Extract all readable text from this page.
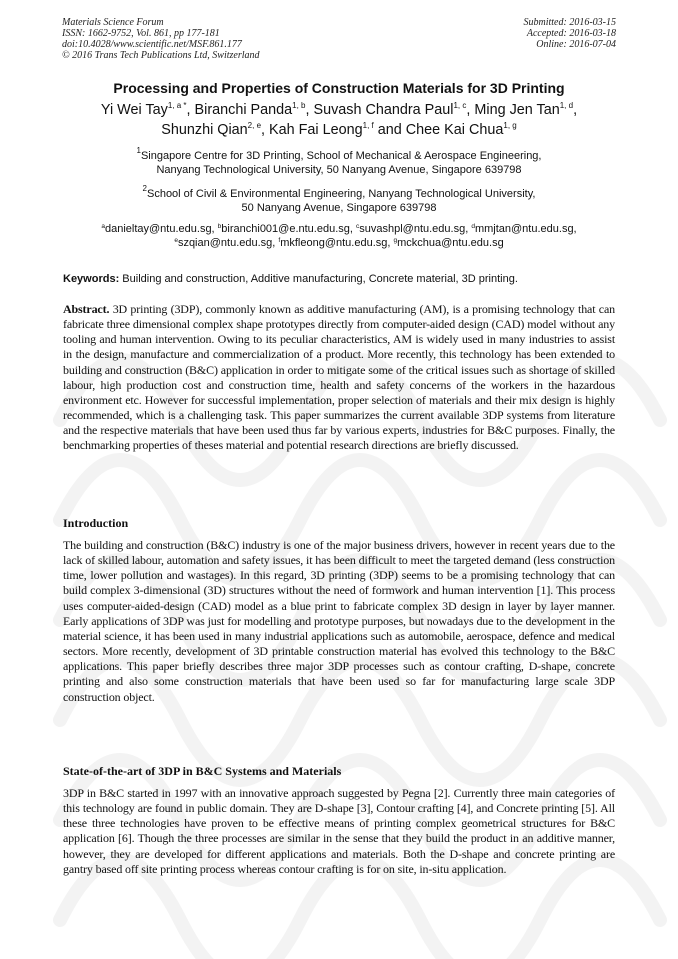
Materials Science Forum
ISSN: 1662-9752, Vol. 861, pp 177-181
doi:10.4028/www.scientific.net/MSF.861.177
© 2016 Trans Tech Publications Ltd, Switzerland
Submitted: 2016-03-15
Accepted: 2016-03-18
Online: 2016-07-04
Processing and Properties of Construction Materials for 3D Printing
Yi Wei Tay$^{1, a *}$, Biranchi Panda$^{1, b}$, Suvash Chandra Paul$^{1, c}$, Ming Jen Tan$^{1, d}$,
Shunzhi Qian$^{2, e}$, Kah Fai Leong$^{1, f}$ and Chee Kai Chua$^{1, g}$
$^1$Singapore Centre for 3D Printing, School of Mechanical & Aerospace Engineering,
Nanyang Technological University, 50 Nanyang Avenue, Singapore 639798
$^2$School of Civil & Environmental Engineering, Nanyang Technological University,
50 Nanyang Avenue, Singapore 639798
$^a$danieltay@ntu.edu.sg, $^b$biranchi001@e.ntu.edu.sg, $^c$suvashpl@ntu.edu.sg, $^d$mmjtan@ntu.edu.sg,
$^e$szqian@ntu.edu.sg, $^f$mkfleong@ntu.edu.sg, $^g$mckchua@ntu.edu.sg
Keywords: Building and construction, Additive manufacturing, Concrete material, 3D printing.
Abstract. 3D printing (3DP), commonly known as additive manufacturing (AM), is a promising technology that can fabricate three dimensional complex shape prototypes directly from computer-aided design (CAD) model without any tooling and human intervention. Owing to its peculiar characteristics, AM is widely used in many industries to assist in the design, manufacture and commercialization of a product. More recently, this technology has been extended to building and construction (B&C) application in order to mitigate some of the critical issues such as shortage of skilled labour, high production cost and construction time, health and safety concerns of the workers in the hazardous environment etc. However for successful implementation, proper selection of materials and their mix design is highly recommended, which is a challenging task. This paper summarizes the current available 3DP systems from literature and the respective materials that have been used thus far by various experts, industries for B&C purposes. Finally, the benchmarking properties of theses material and potential research directions are briefly discussed.
Introduction
The building and construction (B&C) industry is one of the major business drivers, however in recent years due to the lack of skilled labour, automation and safety issues, it has been difficult to meet the targeted demand (less construction time, lower pollution and wastages). In this regard, 3D printing (3DP) seems to be a promising technology that can build complex 3-dimensional (3D) structures without the need of formwork and human intervention [1]. This process uses computer-aided-design (CAD) model as a blue print to fabricate complex 3D design in layer by layer manner. Early applications of 3DP was just for modelling and prototype purposes, but nowadays due to the development in the material science, it has been used in many industrial applications such as automobile, aerospace, defence and medical sectors. More recently, development of 3D printable construction material has evolved this technology to the B&C applications. This paper briefly describes three major 3DP processes such as contour crafting, D-shape, concrete printing and also some construction materials that have been used so far for manufacturing large scale 3DP construction object.
State-of-the-art of 3DP in B&C Systems and Materials
3DP in B&C started in 1997 with an innovative approach suggested by Pegna [2]. Currently three main categories of this technology are found in public domain. They are D-shape [3], Contour crafting [4], and Concrete printing [5]. All these three technologies have proven to be effective means of printing complex geometrical structures for B&C application [6]. Though the three processes are similar in the sense that they build the product in an additive manner, however, they are developed for different applications and materials. Both the D-shape and concrete printing are gantry based off site printing process whereas contour crafting is for on site, in-situ application.
